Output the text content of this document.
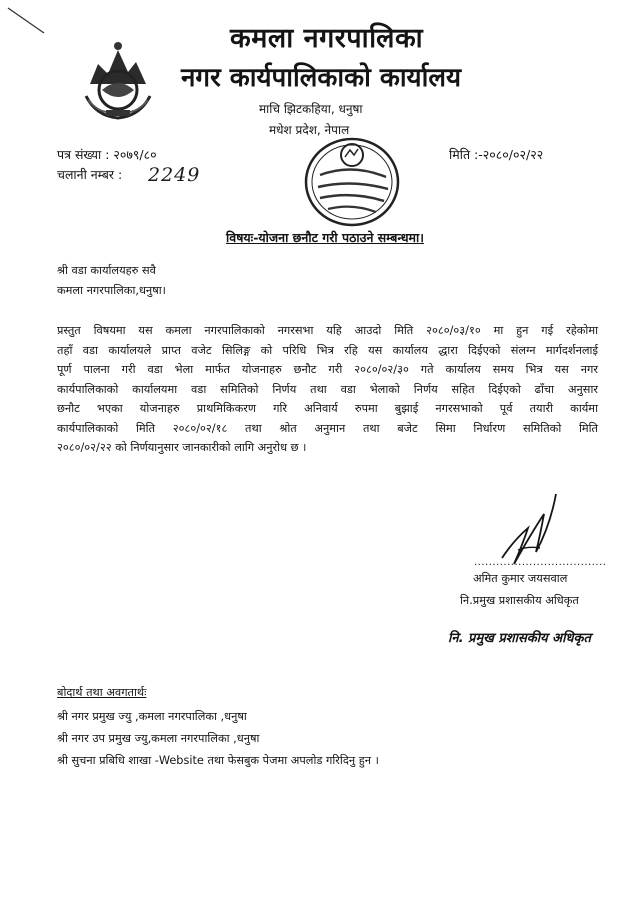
कमला नगरपालिका
नगर कार्यपालिकाको कार्यालय
माचि झिटकहिया, धनुषा
मधेश प्रदेश, नेपाल
पत्र संख्या : २०७९/८०
चलानी नम्बर : 2249
मिति :-२०८०/०२/२२
विषयः-योजना छनौट गरी पठाउने सम्बन्धमा।
श्री वडा कार्यालयहरु सवै
कमला नगरपालिका,धनुषा।

प्रस्तुत विषयमा यस कमला नगरपालिकाको नगरसभा यहि आउदो मिति २०८०/०३/१० मा हुन गई रहेकोमा

तहाँ वडा कार्यालयले प्राप्त वजेट सिलिङ्ग को परिधि भित्र रहि यस कार्यालय द्धारा दिईएको संलग्न मार्गदर्शनलाई

पूर्ण पालना गरी वडा भेला मार्फत योजनाहरु छनौट गरी २०८०/०२/३० गते कार्यालय समय भित्र यस नगर

कार्यपालिकाको कार्यालयमा वडा समितिको निर्णय तथा वडा भेलाको निर्णय सहित दिईएको ढाँचा अनुसार

छनौट भएका योजनाहरु प्राथमिकिकरण गरि अनिवार्य रुपमा बुझाई नगरसभाको पूर्व तयारी कार्यमा

कार्यपालिकाको मिति २०८०/०२/१८ तथा श्रोत अनुमान तथा बजेट सिमा निर्धारण समितिको मिति

२०८०/०२/२२ को निर्णयानुसार जानकारीको लागि अनुरोध छ ।

....................................
अमित कुमार जयसवाल
नि.प्रमुख प्रशासकीय अधिकृत
नि. प्रमुख प्रशासकीय अधिकृत
बोदार्थ तथा अवगतार्थः
श्री नगर प्रमुख ज्यु ,कमला नगरपालिका ,धनुषा
श्री नगर उप प्रमुख ज्यु,कमला नगरपालिका ,धनुषा
श्री सुचना प्रबिधि शाखा -Website तथा फेसबुक पेजमा अपलोड गरिदिनु हुन ।
